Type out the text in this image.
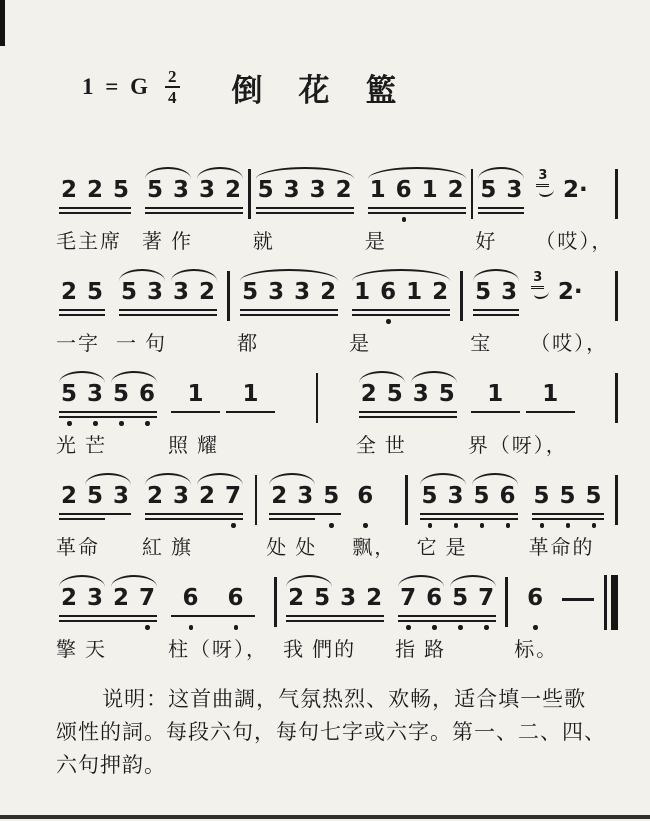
1 = G $\frac{2}{4}$ 倒花籃
2 2 5
毛主席
5 3 3 2
著 作
5 3 3 2
就
1 6 1 2
是
5 3
好
3
2·
（哎），
2 5
一字
5 3 3 2
一 句
5 3 3 2
都
1 6 1 2
是
5 3
宝
3
2·
（哎），
5 3 5 6
光 芒
1	1
照 耀
2 5 3 5
全 世
1	1
界（呀），
2 5 3
革命
2 3 2 7
紅 旗
2 3 5
处 处
6
飘，
5 3 5 6
它 是
5 5 5
革命的
2 3 2 7
擎 天
6	6
柱（呀），
2 5 3 2
我 們的
7 6 5 7
指 路
6
标。

说明：这首曲調，气氛热烈、欢畅，适合填一些歌

颂性的詞。每段六句，每句七字或六字。第一、二、四、

六句押韵。
